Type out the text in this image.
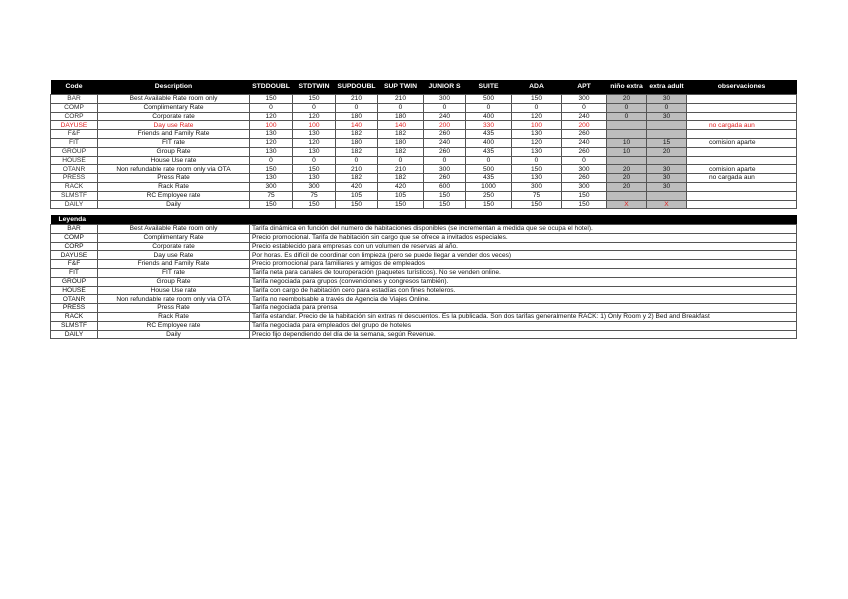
Code	Description	STDDOUBL	STDTWIN	SUPDOUBL	SUP TWIN	JUNIOR S	SUITE	ADA	APT	niño extra	extra adult	observaciones
BAR	Best Available Rate room only	150	150	210	210	300	500	150	300	20	30	
COMP	Complimentary Rate	0	0	0	0	0	0	0	0	0	0	
CORP	Corporate rate	120	120	180	180	240	400	120	240	0	30	
DAYUSE	Day use Rate	100	100	140	140	200	330	100	200			no cargada aun
F&F	Friends and Family Rate	130	130	182	182	260	435	130	260			
FIT	FIT rate	120	120	180	180	240	400	120	240	10	15	comision aparte
GROUP	Group Rate	130	130	182	182	260	435	130	260	10	20	
HOUSE	House Use rate	0	0	0	0	0	0	0	0			
OTANR	Non refundable rate room only via OTA	150	150	210	210	300	500	150	300	20	30	comision aparte
PRESS	Press Rate	130	130	182	182	260	435	130	260	20	30	no cargada aun
RACK	Rack Rate	300	300	420	420	600	1000	300	300	20	30	
SLMSTF	RC Employee rate	75	75	105	105	150	250	75	150			
DAILY	Daily	150	150	150	150	150	150	150	150	X	X	
Leyenda		
BAR	Best Available Rate room only	Tarifa dinámica en función del numero de habitaciones disponibles (se incrementan a medida que se ocupa el hotel).
COMP	Complimentary Rate	Precio promocional. Tarifa de habitación sin cargo que se ofrece a invitados especiales.
CORP	Corporate rate	Precio establecido para empresas con un volumen de reservas al año.
DAYUSE	Day use Rate	Por horas. Es difícil de coordinar con limpieza (pero se puede llegar a vender dos veces)
F&F	Friends and Family Rate	Precio promocional para familiares y amigos de empleados
FIT	FIT rate	Tarifa neta para canales de touroperación (paquetes turísticos). No se venden online.
GROUP	Group Rate	Tarifa negociada para grupos (convenciones y congresos también).
HOUSE	House Use rate	Tarifa con cargo de habitación cero para estadías con fines hoteleros.
OTANR	Non refundable rate room only via OTA	Tarifa no reembolsable a través de Agencia de Viajes Online.
PRESS	Press Rate	Tarifa negociada para prensa
RACK	Rack Rate	Tarifa estandar. Precio de la habitación sin extras ni descuentos. Es la publicada. Son dos tarifas generalmente RACK: 1) Only Room y 2) Bed and Breakfast
SLMSTF	RC Employee rate	Tarifa negociada para empleados del grupo de hoteles
DAILY	Daily	Precio fijo dependiendo del día de la semana, según Revenue.
